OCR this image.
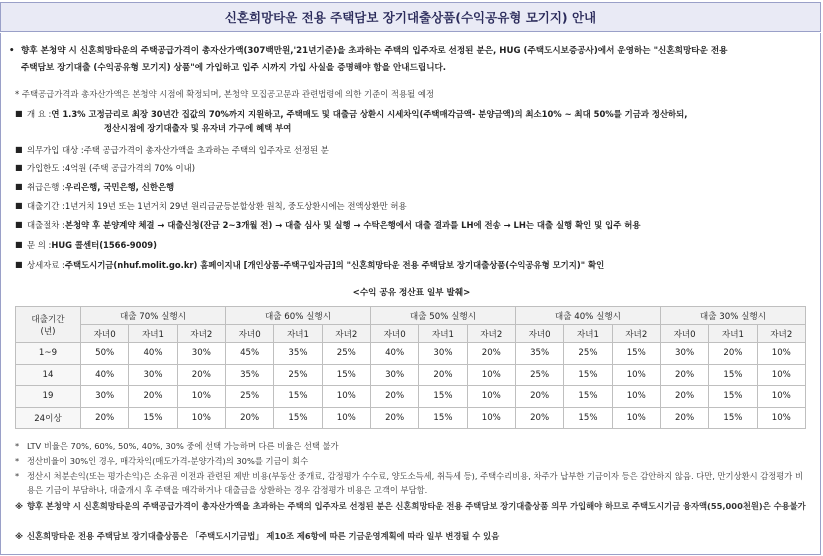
신혼희망타운 전용 주택담보 장기대출상품(수익공유형 모기지) 안내
• 향후 본청약 시 신혼희망타운의 주택공급가격이 총자산가액(307백만원,'21년기준)을 초과하는 주택의 입주자로 선정된 분은, HUG (주택도시보증공사)에서 운영하는 "신혼희망타운 전용
주택담보 장기대출 (수익공유형 모기지) 상품"에 가입하고 입주 시까지 가입 사실을 증명해야 함을 안내드립니다.
* 주택공급가격과 총자산가액은 본청약 시점에 확정되며, 본청약 모집공고문과 관련법령에 의한 기준이 적용될 예정
■ 개 요 : 연 1.3% 고정금리로 최장 30년간 집값의 70%까지 지원하고, 주택매도 및 대출금 상환시 시세차익(주택매각금액- 분양금액)의 최소10% ~ 최대 50%를 기금과 정산하되,
정산시점에 장기대출자 및 유자녀 가구에 혜택 부여
■ 의무가입 대상 : 주택 공급가격이 총자산가액을 초과하는 주택의 입주자로 선정된 분
■ 가입한도 : 4억원 (주택 공급가격의 70% 이내)
■ 취급은행 : 우리은행, 국민은행, 신한은행
■ 대출기간 : 1년거치 19년 또는 1년거치 29년 원리금균등분할상환 원칙, 중도상환시에는 전액상환만 허용
■ 대출절차 : 본청약 후 분양계약 체결 → 대출신청(잔금 2~3개월 전) → 대출 심사 및 실행 → 수탁은행에서 대출 결과를 LH에 전송 → LH는 대출 실행 확인 및 입주 허용
■ 문 의 : HUG 콜센터(1566-9009)
■ 상세자료 : 주택도시기금(nhuf.molit.go.kr) 홈페이지내 [개인상품-주택구입자금]의 "신혼희망타운 전용 주택담보 장기대출상품(수익공유형 모기지)" 확인
<수익 공유 정산표 일부 발췌>
대출기간
(년)	대출 70% 실행시			대출 60% 실행시			대출 50% 실행시			대출 40% 실행시			대출 30% 실행시		
	자녀0	자녀1	자녀2	자녀0	자녀1	자녀2	자녀0	자녀1	자녀2	자녀0	자녀1	자녀2	자녀0	자녀1	자녀2
1~9	50%	40%	30%	45%	35%	25%	40%	30%	20%	35%	25%	15%	30%	20%	10%
14	40%	30%	20%	35%	25%	15%	30%	20%	10%	25%	15%	10%	20%	15%	10%
19	30%	20%	10%	25%	15%	10%	20%	15%	10%	20%	15%	10%	20%	15%	10%
24이상	20%	15%	10%	20%	15%	10%	20%	15%	10%	20%	15%	10%	20%	15%	10%
* LTV 비율은 70%, 60%, 50%, 40%, 30% 중에 선택 가능하며 다른 비율은 선택 불가
* 정산비율이 30%인 경우, 매각차익(매도가격-분양가격)의 30%를 기금이 회수
* 정산시 처분손익(또는 평가손익)은 소유권 이전과 관련된 제반 비용(부동산 중개료, 감정평가 수수료, 양도소득세, 취득세 등), 주택수리비용, 차주가 납부한 기금이자 등은 감안하지 않음. 다만, 만기상환시 감정평가 비용은 기금이 부담하나, 대출개시 후 주택을 매각하거나 대출금을 상환하는 경우 감정평가 비용은 고객이 부담함.
※ 향후 본청약 시 신혼희망타운의 주택공급가격이 총자산가액을 초과하는 주택의 입주자로 선정된 분은 신혼희망타운 전용 주택담보 장기대출상품 의무 가입해야 하므로 주택도시기금 융자액(55,000천원)은 수용불가
※ 신혼희망타운 전용 주택담보 장기대출상품은 「주택도시기금법」 제10조 제6항에 따른 기금운영계획에 따라 일부 변경될 수 있음
